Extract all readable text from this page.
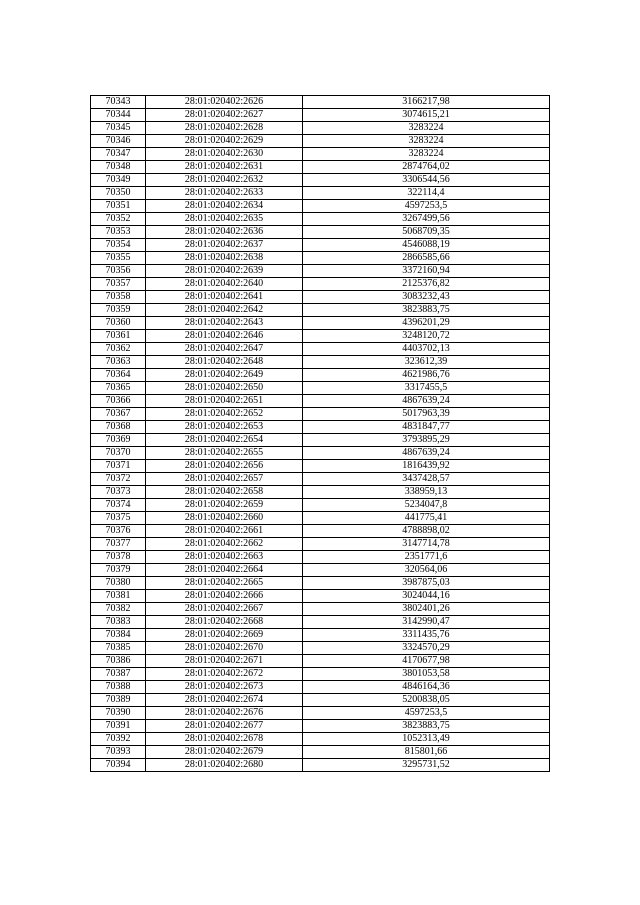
70343	28:01:020402:2626	3166217,98
70344	28:01:020402:2627	3074615,21
70345	28:01:020402:2628	3283224
70346	28:01:020402:2629	3283224
70347	28:01:020402:2630	3283224
70348	28:01:020402:2631	2874764,02
70349	28:01:020402:2632	3306544,56
70350	28:01:020402:2633	322114,4
70351	28:01:020402:2634	4597253,5
70352	28:01:020402:2635	3267499,56
70353	28:01:020402:2636	5068709,35
70354	28:01:020402:2637	4546088,19
70355	28:01:020402:2638	2866585,66
70356	28:01:020402:2639	3372160,94
70357	28:01:020402:2640	2125376,82
70358	28:01:020402:2641	3083232,43
70359	28:01:020402:2642	3823883,75
70360	28:01:020402:2643	4396201,29
70361	28:01:020402:2646	3248120,72
70362	28:01:020402:2647	4403702,13
70363	28:01:020402:2648	323612,39
70364	28:01:020402:2649	4621986,76
70365	28:01:020402:2650	3317455,5
70366	28:01:020402:2651	4867639,24
70367	28:01:020402:2652	5017963,39
70368	28:01:020402:2653	4831847,77
70369	28:01:020402:2654	3793895,29
70370	28:01:020402:2655	4867639,24
70371	28:01:020402:2656	1816439,92
70372	28:01:020402:2657	3437428,57
70373	28:01:020402:2658	338959,13
70374	28:01:020402:2659	5234047,8
70375	28:01:020402:2660	441775,41
70376	28:01:020402:2661	4788898,02
70377	28:01:020402:2662	3147714,78
70378	28:01:020402:2663	2351771,6
70379	28:01:020402:2664	320564,06
70380	28:01:020402:2665	3987875,03
70381	28:01:020402:2666	3024044,16
70382	28:01:020402:2667	3802401,26
70383	28:01:020402:2668	3142990,47
70384	28:01:020402:2669	3311435,76
70385	28:01:020402:2670	3324570,29
70386	28:01:020402:2671	4170677,98
70387	28:01:020402:2672	3801053,58
70388	28:01:020402:2673	4846164,36
70389	28:01:020402:2674	5200838,05
70390	28:01:020402:2676	4597253,5
70391	28:01:020402:2677	3823883,75
70392	28:01:020402:2678	1052313,49
70393	28:01:020402:2679	815801,66
70394	28:01:020402:2680	3295731,52
